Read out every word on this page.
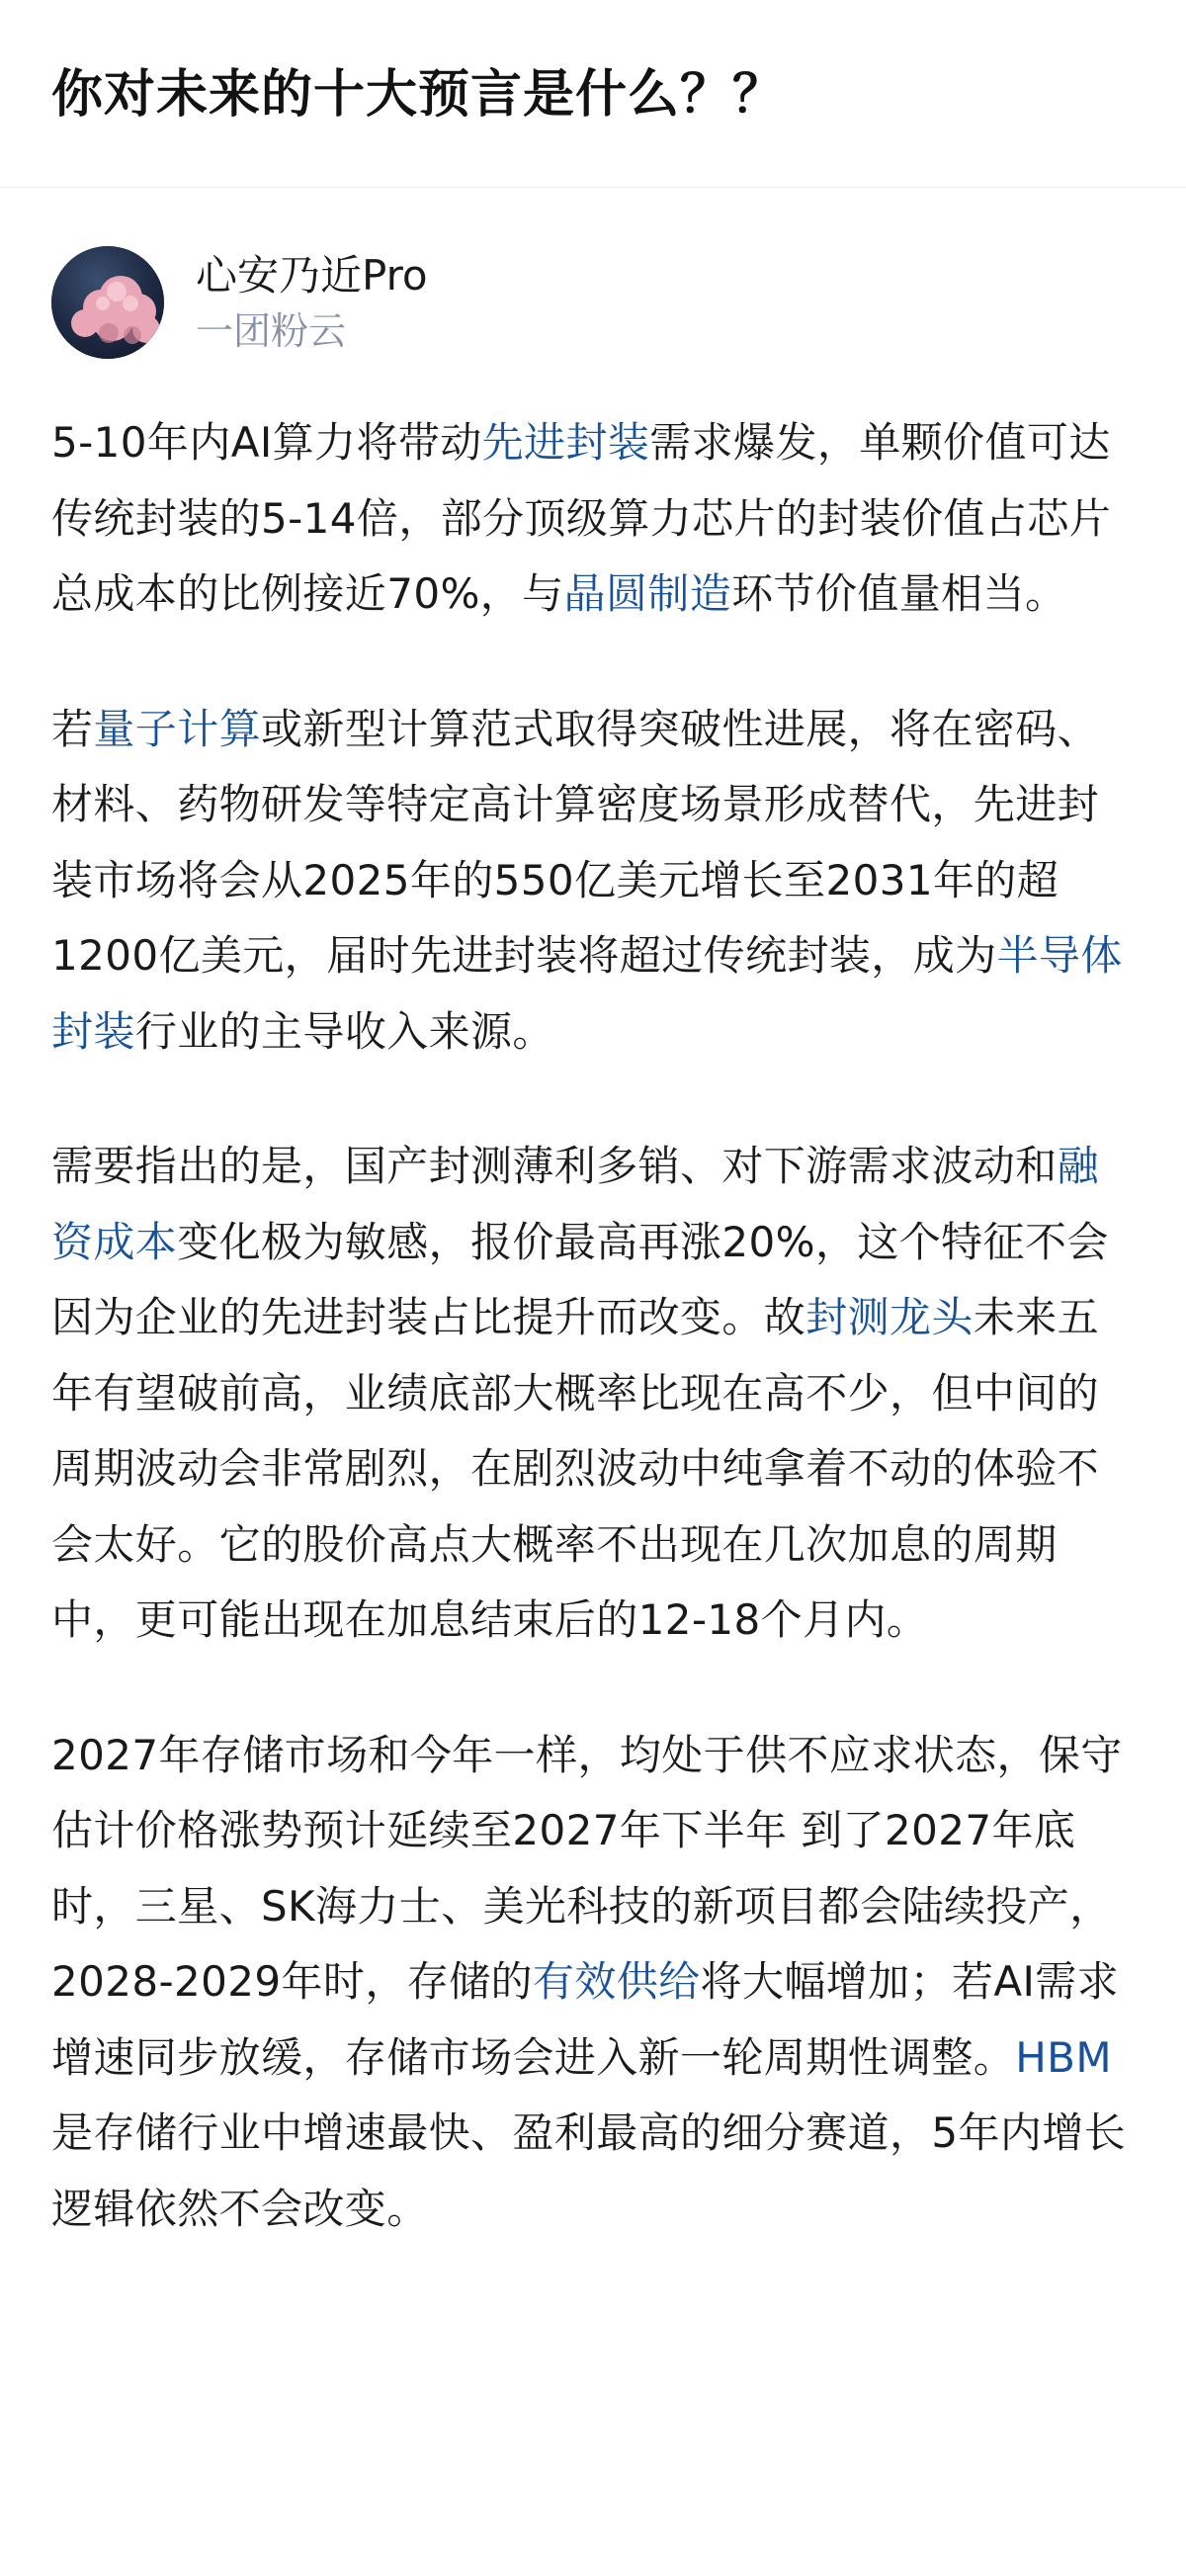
你对未来的十大预言是什么？？
心安乃近Pro
一团粉云

5-10年内AI算力将带动先进封装需求爆发，单颗价值可达传统封装的5-14倍，部分顶级算力芯片的封装价值占芯片总成本的比例接近70%，与晶圆制造环节价值量相当。

若量子计算或新型计算范式取得突破性进展，将在密码、材料、药物研发等特定高计算密度场景形成替代，先进封装市场将会从2025年的550亿美元增长至2031年的超1200亿美元，届时先进封装将超过传统封装，成为半导体封装行业的主导收入来源。

需要指出的是，国产封测薄利多销、对下游需求波动和融资成本变化极为敏感，报价最高再涨20%，这个特征不会因为企业的先进封装占比提升而改变。故封测龙头未来五年有望破前高，业绩底部大概率比现在高不少，但中间的周期波动会非常剧烈，在剧烈波动中纯拿着不动的体验不会太好。它的股价高点大概率不出现在几次加息的周期中，更可能出现在加息结束后的12-18个月内。

2027年存储市场和今年一样，均处于供不应求状态，保守估计价格涨势预计延续至2027年下半年 到了2027年底时，三星、SK海力士、美光科技的新项目都会陆续投产，2028-2029年时，存储的有效供给将大幅增加；若AI需求增速同步放缓，存储市场会进入新一轮周期性调整。HBM是存储行业中增速最快、盈利最高的细分赛道，5年内增长逻辑依然不会改变。
